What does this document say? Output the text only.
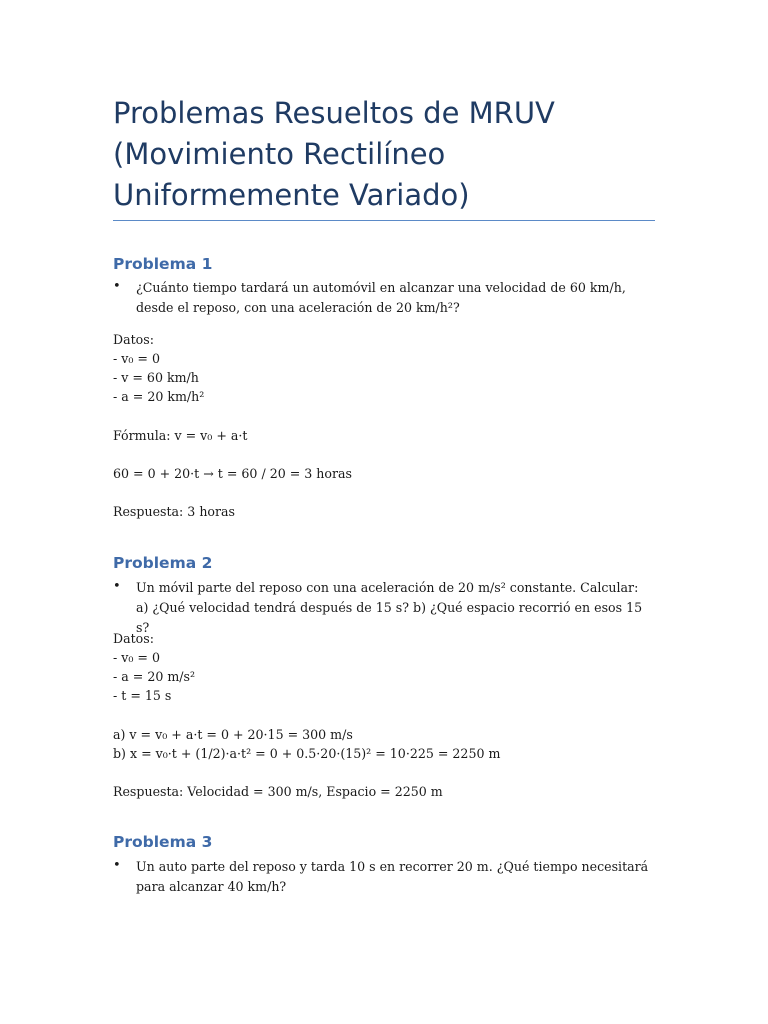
Problemas Resueltos de MRUV (Movimiento Rectilíneo Uniformemente Variado)
Problema 1
• ¿Cuánto tiempo tardará un automóvil en alcanzar una velocidad de 60 km/h, desde el reposo, con una aceleración de 20 km/h²?
Datos:
- v₀ = 0
- v = 60 km/h
- a = 20 km/h²
Fórmula: v = v₀ + a·t
60 = 0 + 20·t → t = 60 / 20 = 3 horas
Respuesta: 3 horas
Problema 2
• Un móvil parte del reposo con una aceleración de 20 m/s² constante. Calcular: a) ¿Qué velocidad tendrá después de 15 s? b) ¿Qué espacio recorrió en esos 15 s?
Datos:
- v₀ = 0
- a = 20 m/s²
- t = 15 s
a) v = v₀ + a·t = 0 + 20·15 = 300 m/s
b) x = v₀·t + (1/2)·a·t² = 0 + 0.5·20·(15)² = 10·225 = 2250 m
Respuesta: Velocidad = 300 m/s, Espacio = 2250 m
Problema 3
• Un auto parte del reposo y tarda 10 s en recorrer 20 m. ¿Qué tiempo necesitará para alcanzar 40 km/h?
